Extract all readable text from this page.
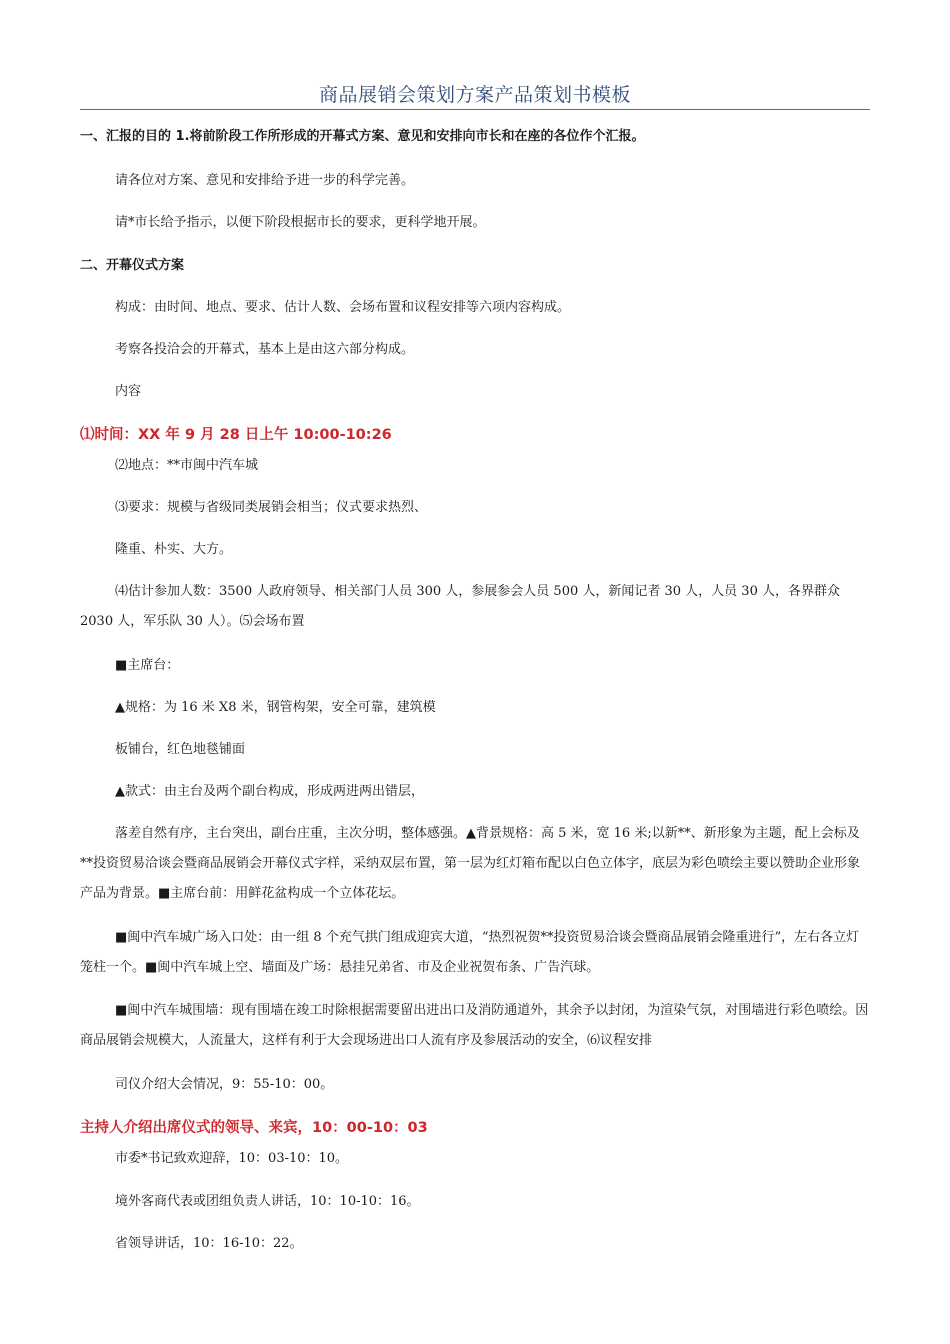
商品展销会策划方案产品策划书模板
一、汇报的目的 1.将前阶段工作所形成的开幕式方案、意见和安排向市长和在座的各位作个汇报。
请各位对方案、意见和安排给予进一步的科学完善。
请*市长给予指示，以便下阶段根据市长的要求，更科学地开展。
二、开幕仪式方案
构成：由时间、地点、要求、估计人数、会场布置和议程安排等六项内容构成。
考察各投洽会的开幕式，基本上是由这六部分构成。
内容
⑴时间：XX 年 9 月 28 日上午 10:00-10:26
⑵地点：**市闽中汽车城
⑶要求：规模与省级同类展销会相当；仪式要求热烈、
隆重、朴实、大方。
⑷估计参加人数：3500 人政府领导、相关部门人员 300 人，参展参会人员 500 人，新闻记者 30 人，人员 30 人，各界群众 2030 人，军乐队 30 人）。⑸会场布置
■主席台：
▲规格：为 16 米 X8 米，钢管构架，安全可靠，建筑模
板铺台，红色地毯铺面
▲款式：由主台及两个副台构成，形成两进两出错层，
落差自然有序，主台突出，副台庄重，主次分明，整体感强。▲背景规格：高 5 米，宽 16 米;以新**、新形象为主题，配上会标及**投资贸易洽谈会暨商品展销会开幕仪式字样，采纳双层布置，第一层为红灯箱布配以白色立体字，底层为彩色喷绘主要以赞助企业形象产品为背景。■主席台前：用鲜花盆构成一个立体花坛。
■闽中汽车城广场入口处：由一组 8 个充气拱门组成迎宾大道，“热烈祝贺**投资贸易洽谈会暨商品展销会隆重进行”，左右各立灯笼柱一个。■闽中汽车城上空、墙面及广场：悬挂兄弟省、市及企业祝贺布条、广告汽球。
■闽中汽车城围墙：现有围墙在竣工时除根据需要留出进出口及消防通道外，其余予以封闭，为渲染气氛，对围墙进行彩色喷绘。因商品展销会规模大，人流量大，这样有利于大会现场进出口人流有序及参展活动的安全，⑹议程安排
司仪介绍大会情况，9：55-10：00。
主持人介绍出席仪式的领导、来宾，10：00-10：03
市委*书记致欢迎辞，10：03-10：10。
境外客商代表或团组负责人讲话，10：10-10：16。
省领导讲话，10：16-10：22。
